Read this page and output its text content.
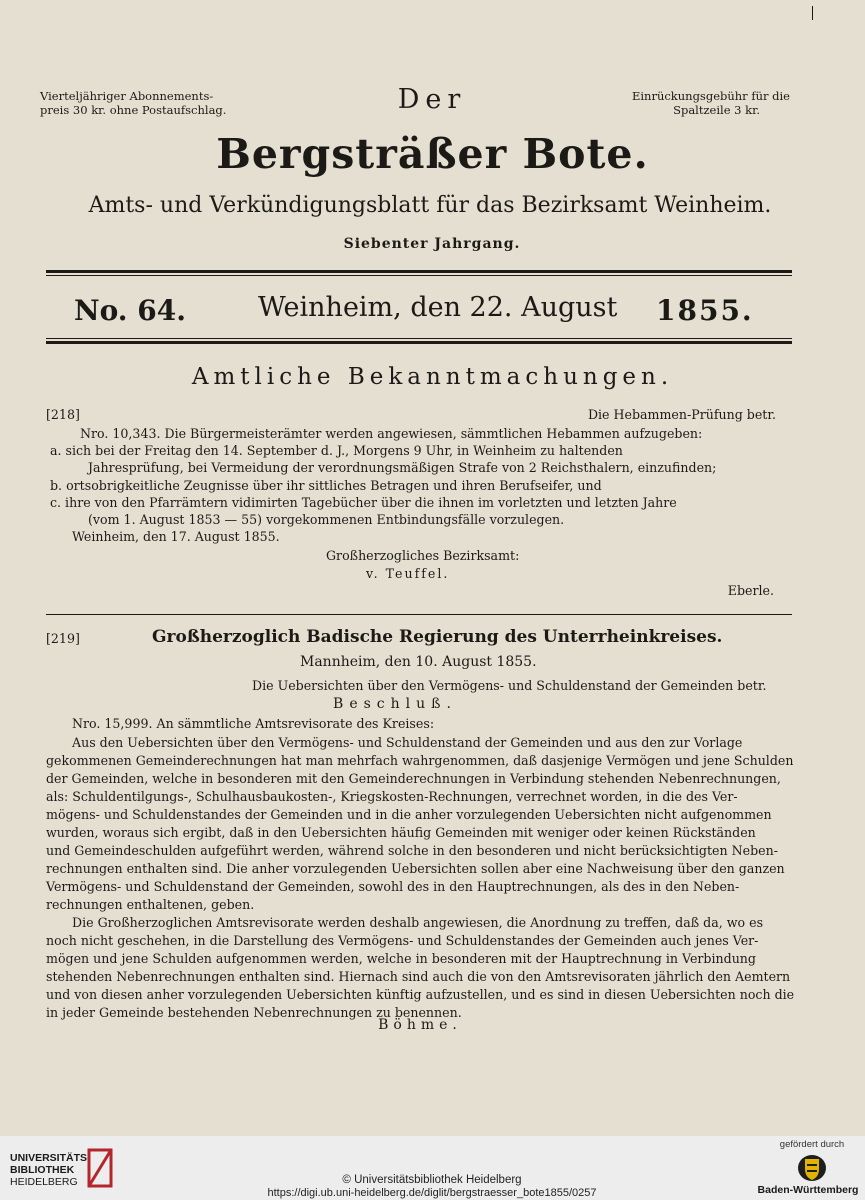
Vierteljähriger Abonnements-
preis 30 kr. ohne Postaufschlag.	Der	Einrückungsgebühr für die
Spaltzeile 3 kr.
Bergsträßer Bote.
Amts- und Verkündigungsblatt für das Bezirksamt Weinheim.
Siebenter Jahrgang.
No. 64.	Weinheim, den 22. August 1855.
Amtliche Bekanntmachungen.
[218]	Die Hebammen-Prüfung betr.
Nro. 10,343. Die Bürgermeisterämter werden angewiesen, sämmtlichen Hebammen aufzugeben:
a. sich bei der Freitag den 14. September d. J., Morgens 9 Uhr, in Weinheim zu haltenden
Jahresprüfung, bei Vermeidung der verordnungsmäßigen Strafe von 2 Reichsthalern, einzufinden;
b. ortsobrigkeitliche Zeugnisse über ihr sittliches Betragen und ihren Berufseifer, und
c. ihre von den Pfarrämtern vidimirten Tagebücher über die ihnen im vorletzten und letzten Jahre
(vom 1. August 1853 — 55) vorgekommenen Entbindungsfälle vorzulegen.
Weinheim, den 17. August 1855.
Großherzogliches Bezirksamt:
v. Teuffel.
Eberle.
[219]	Großherzoglich Badische Regierung des Unterrheinkreises.
Mannheim, den 10. August 1855.
Die Uebersichten über den Vermögens- und Schuldenstand der Gemeinden betr.
Beschluß.
Nro. 15,999. An sämmtliche Amtsrevisorate des Kreises:
Aus den Uebersichten über den Vermögens- und Schuldenstand der Gemeinden und aus den zur Vorlage
gekommenen Gemeinderechnungen hat man mehrfach wahrgenommen, daß dasjenige Vermögen und jene Schulden
der Gemeinden, welche in besonderen mit den Gemeinderechnungen in Verbindung stehenden Nebenrechnungen,
als: Schuldentilgungs-, Schulhausbaukosten-, Kriegskosten-Rechnungen, verrechnet worden, in die des Ver-
mögens- und Schuldenstandes der Gemeinden und in die anher vorzulegenden Uebersichten nicht aufgenommen
wurden, woraus sich ergibt, daß in den Uebersichten häufig Gemeinden mit weniger oder keinen Rückständen
und Gemeindeschulden aufgeführt werden, während solche in den besonderen und nicht berücksichtigten Neben-
rechnungen enthalten sind. Die anher vorzulegenden Uebersichten sollen aber eine Nachweisung über den ganzen
Vermögens- und Schuldenstand der Gemeinden, sowohl des in den Hauptrechnungen, als des in den Neben-
rechnungen enthaltenen, geben.
Die Großherzoglichen Amtsrevisorate werden deshalb angewiesen, die Anordnung zu treffen, daß da, wo es
noch nicht geschehen, in die Darstellung des Vermögens- und Schuldenstandes der Gemeinden auch jenes Ver-
mögen und jene Schulden aufgenommen werden, welche in besonderen mit der Hauptrechnung in Verbindung
stehenden Nebenrechnungen enthalten sind. Hiernach sind auch die von den Amtsrevisoraten jährlich den Aemtern
und von diesen anher vorzulegenden Uebersichten künftig aufzustellen, und es sind in diesen Uebersichten noch die
in jeder Gemeinde bestehenden Nebenrechnungen zu benennen.
Böhme.
UNIVERSITÄTS-
BIBLIOTHEK
HEIDELBERG	© Universitätsbibliothek Heidelberg
https://digi.ub.uni-heidelberg.de/diglit/bergstraesser_bote1855/0257
gefördert durch
Baden-Württemberg
